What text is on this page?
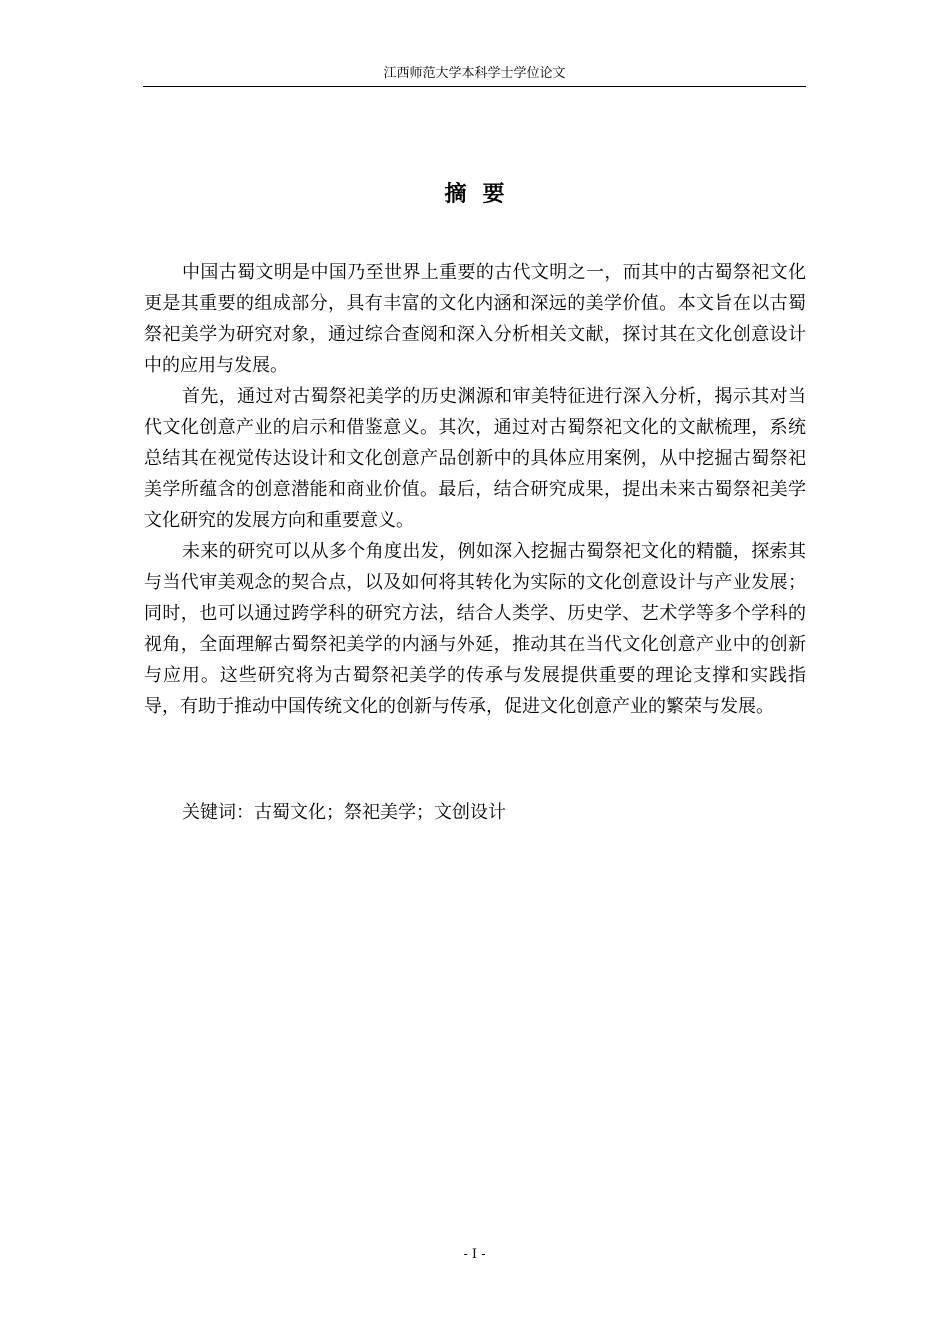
江西师范大学本科学士学位论文
摘要

中国古蜀文明是中国乃至世界上重要的古代文明之一，而其中的古蜀祭祀文化更是其重要的组成部分，具有丰富的文化内涵和深远的美学价值。本文旨在以古蜀祭祀美学为研究对象，通过综合查阅和深入分析相关文献，探讨其在文化创意设计中的应用与发展。

首先，通过对古蜀祭祀美学的历史渊源和审美特征进行深入分析，揭示其对当代文化创意产业的启示和借鉴意义。其次，通过对古蜀祭祀文化的文献梳理，系统总结其在视觉传达设计和文化创意产品创新中的具体应用案例，从中挖掘古蜀祭祀美学所蕴含的创意潜能和商业价值。最后，结合研究成果，提出未来古蜀祭祀美学文化研究的发展方向和重要意义。

未来的研究可以从多个角度出发，例如深入挖掘古蜀祭祀文化的精髓，探索其与当代审美观念的契合点，以及如何将其转化为实际的文化创意设计与产业发展；同时，也可以通过跨学科的研究方法，结合人类学、历史学、艺术学等多个学科的视角，全面理解古蜀祭祀美学的内涵与外延，推动其在当代文化创意产业中的创新与应用。这些研究将为古蜀祭祀美学的传承与发展提供重要的理论支撑和实践指导，有助于推动中国传统文化的创新与传承，促进文化创意产业的繁荣与发展。

关键词：古蜀文化；祭祀美学；文创设计
- I -
